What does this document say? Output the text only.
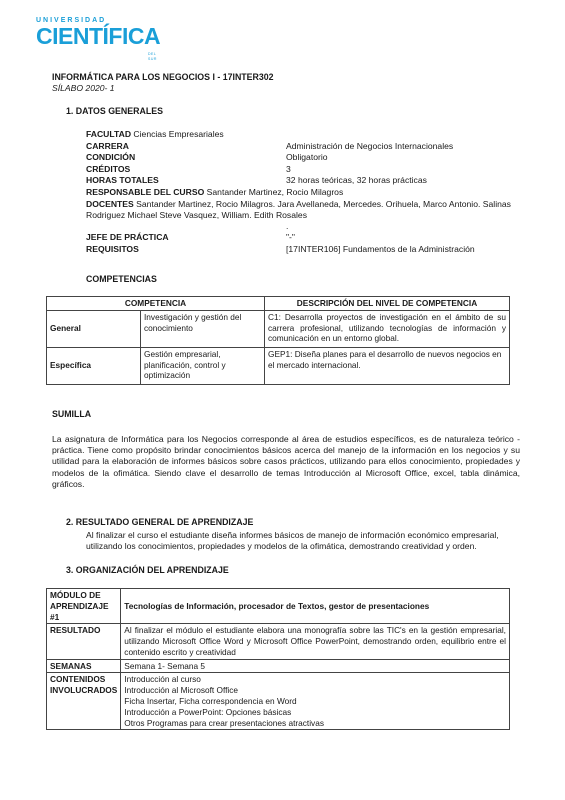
UNIVERSIDAD
CIENTÍFICA
DEL SUR
INFORMÁTICA PARA LOS NEGOCIOS I - 17INTER302
SÍLABO 2020- 1
1. DATOS GENERALES
FACULTAD Ciencias Empresariales
CARRERA	Administración de Negocios Internacionales
CONDICIÓN	Obligatorio
CRÉDITOS	3
HORAS TOTALES	32 horas teóricas, 32 horas prácticas
RESPONSABLE DEL CURSO Santander Martinez, Rocio Milagros
DOCENTES Santander Martinez, Rocio Milagros. Jara Avellaneda, Mercedes. Orihuela, Marco Antonio. Salinas Rodriguez Michael Steve Vasquez, William. Edith Rosales
.
JEFE DE PRÁCTICA	"-"
REQUISITOS	[17INTER106] Fundamentos de la Administración
COMPETENCIAS
COMPETENCIA		DESCRIPCIÓN DEL NIVEL DE COMPETENCIA
General	Investigación y gestión del conocimiento	C1: Desarrolla proyectos de investigación en el ámbito de su carrera profesional, utilizando tecnologías de información y comunicación en un entorno global.
Específica	Gestión empresarial, planificación, control y optimización	GEP1: Diseña planes para el desarrollo de nuevos negocios en el mercado internacional.
SUMILLA
La asignatura de Informática para los Negocios corresponde al área de estudios específicos, es de naturaleza teórico - práctica. Tiene como propósito brindar conocimientos básicos acerca del manejo de la información en los negocios y su utilidad para la elaboración de informes básicos sobre casos prácticos, utilizando para ellos conocimiento, propiedades y modelos de la ofimática. Siendo clave el desarrollo de temas Introducción al Microsoft Office, excel, tabla dinámica, gráficos.
2. RESULTADO GENERAL DE APRENDIZAJE
Al finalizar el curso el estudiante diseña informes básicos de manejo de información económico empresarial, utilizando los conocimientos, propiedades y modelos de la ofimática, demostrando creatividad y orden.
3. ORGANIZACIÓN DEL APRENDIZAJE
MÓDULO DE APRENDIZAJE #1	Tecnologías de Información, procesador de Textos, gestor de presentaciones
RESULTADO	Al finalizar el módulo el estudiante elabora una monografía sobre las TIC's en la gestión empresarial, utilizando Microsoft Office Word y Microsoft Office PowerPoint, demostrando orden, equilibrio entre el contenido escrito y creatividad
SEMANAS	Semana 1- Semana 5
CONTENIDOS INVOLUCRADOS	Introducción al curso
Introducción al Microsoft Office
Ficha Insertar, Ficha correspondencia en Word
Introducción a PowerPoint: Opciones básicas
Otros Programas para crear presentaciones atractivas
